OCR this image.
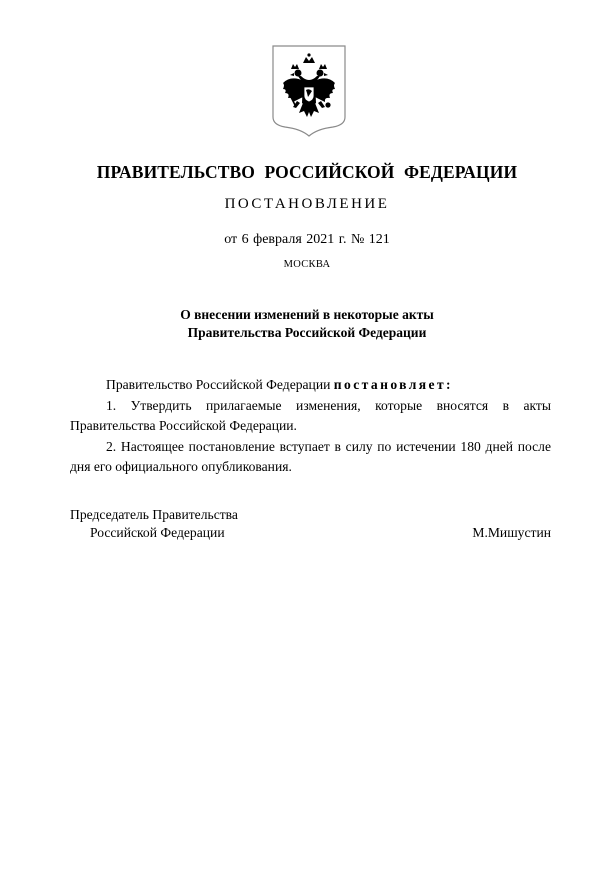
ПРАВИТЕЛЬСТВО РОССИЙСКОЙ ФЕДЕРАЦИИ
ПОСТАНОВЛЕНИЕ
от 6 февраля 2021 г. № 121
МОСКВА
О внесении изменений в некоторые акты
Правительства Российской Федерации

Правительство Российской Федерации постановляет:

1. Утвердить прилагаемые изменения, которые вносятся в акты Правительства Российской Федерации.

2. Настоящее постановление вступает в силу по истечении 180 дней после дня его официального опубликования.

Председатель Правительства
Российской Федерации	М.Мишустин
